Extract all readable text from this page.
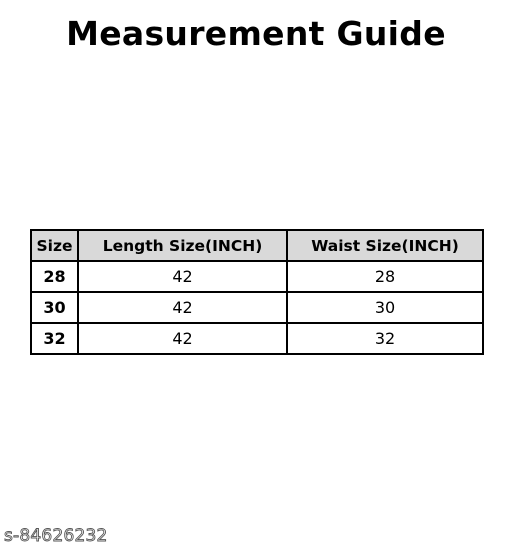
Measurement Guide
Size	Length Size(INCH)	Waist Size(INCH)
28	42	28
30	42	30
32	42	32
s-84626232
